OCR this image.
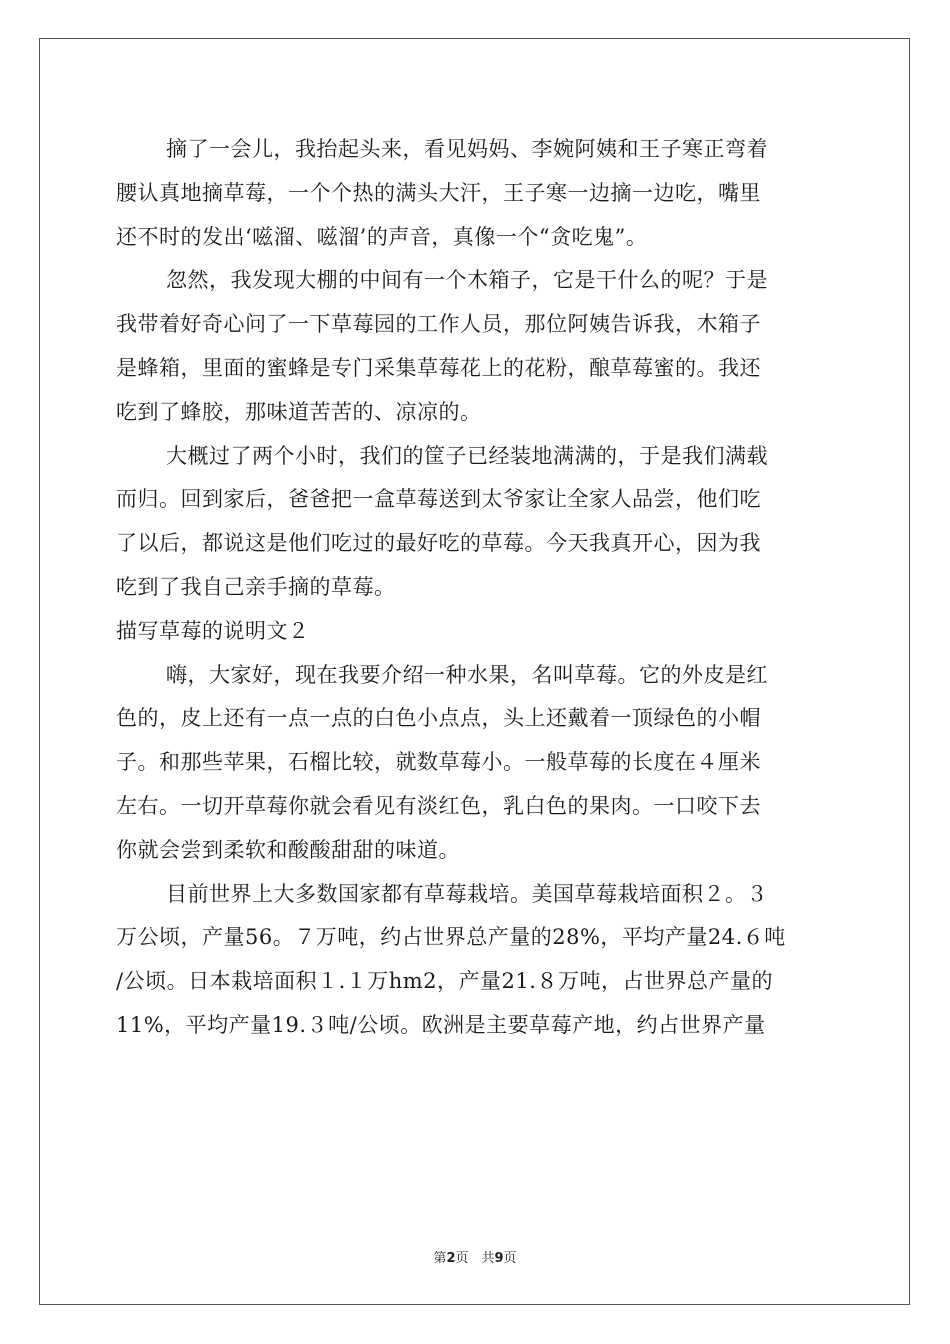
摘了一会儿，我抬起头来，看见妈妈、李婉阿姨和王子寒正弯着
腰认真地摘草莓，一个个热的满头大汗，王子寒一边摘一边吃，嘴里
还不时的发出‘嗞溜、嗞溜’的声音，真像一个“贪吃鬼”。
忽然，我发现大棚的中间有一个木箱子，它是干什么的呢？于是
我带着好奇心问了一下草莓园的工作人员，那位阿姨告诉我，木箱子
是蜂箱，里面的蜜蜂是专门采集草莓花上的花粉，酿草莓蜜的。我还
吃到了蜂胶，那味道苦苦的、凉凉的。
大概过了两个小时，我们的筐子已经装地满满的，于是我们满载
而归。回到家后，爸爸把一盒草莓送到太爷家让全家人品尝，他们吃
了以后，都说这是他们吃过的最好吃的草莓。今天我真开心，因为我
吃到了我自己亲手摘的草莓。
描写草莓的说明文２
嗨，大家好，现在我要介绍一种水果，名叫草莓。它的外皮是红
色的，皮上还有一点一点的白色小点点，头上还戴着一顶绿色的小帽
子。和那些苹果，石榴比较，就数草莓小。一般草莓的长度在４厘米
左右。一切开草莓你就会看见有淡红色，乳白色的果肉。一口咬下去
你就会尝到柔软和酸酸甜甜的味道。
目前世界上大多数国家都有草莓栽培。美国草莓栽培面积２。３
万公顷，产量56。７万吨，约占世界总产量的28%，平均产量24.６吨
/公顷。日本栽培面积１.１万hm2，产量21.８万吨，占世界总产量的
11%，平均产量19.３吨/公顷。欧洲是主要草莓产地，约占世界产量
第2页　共9页
